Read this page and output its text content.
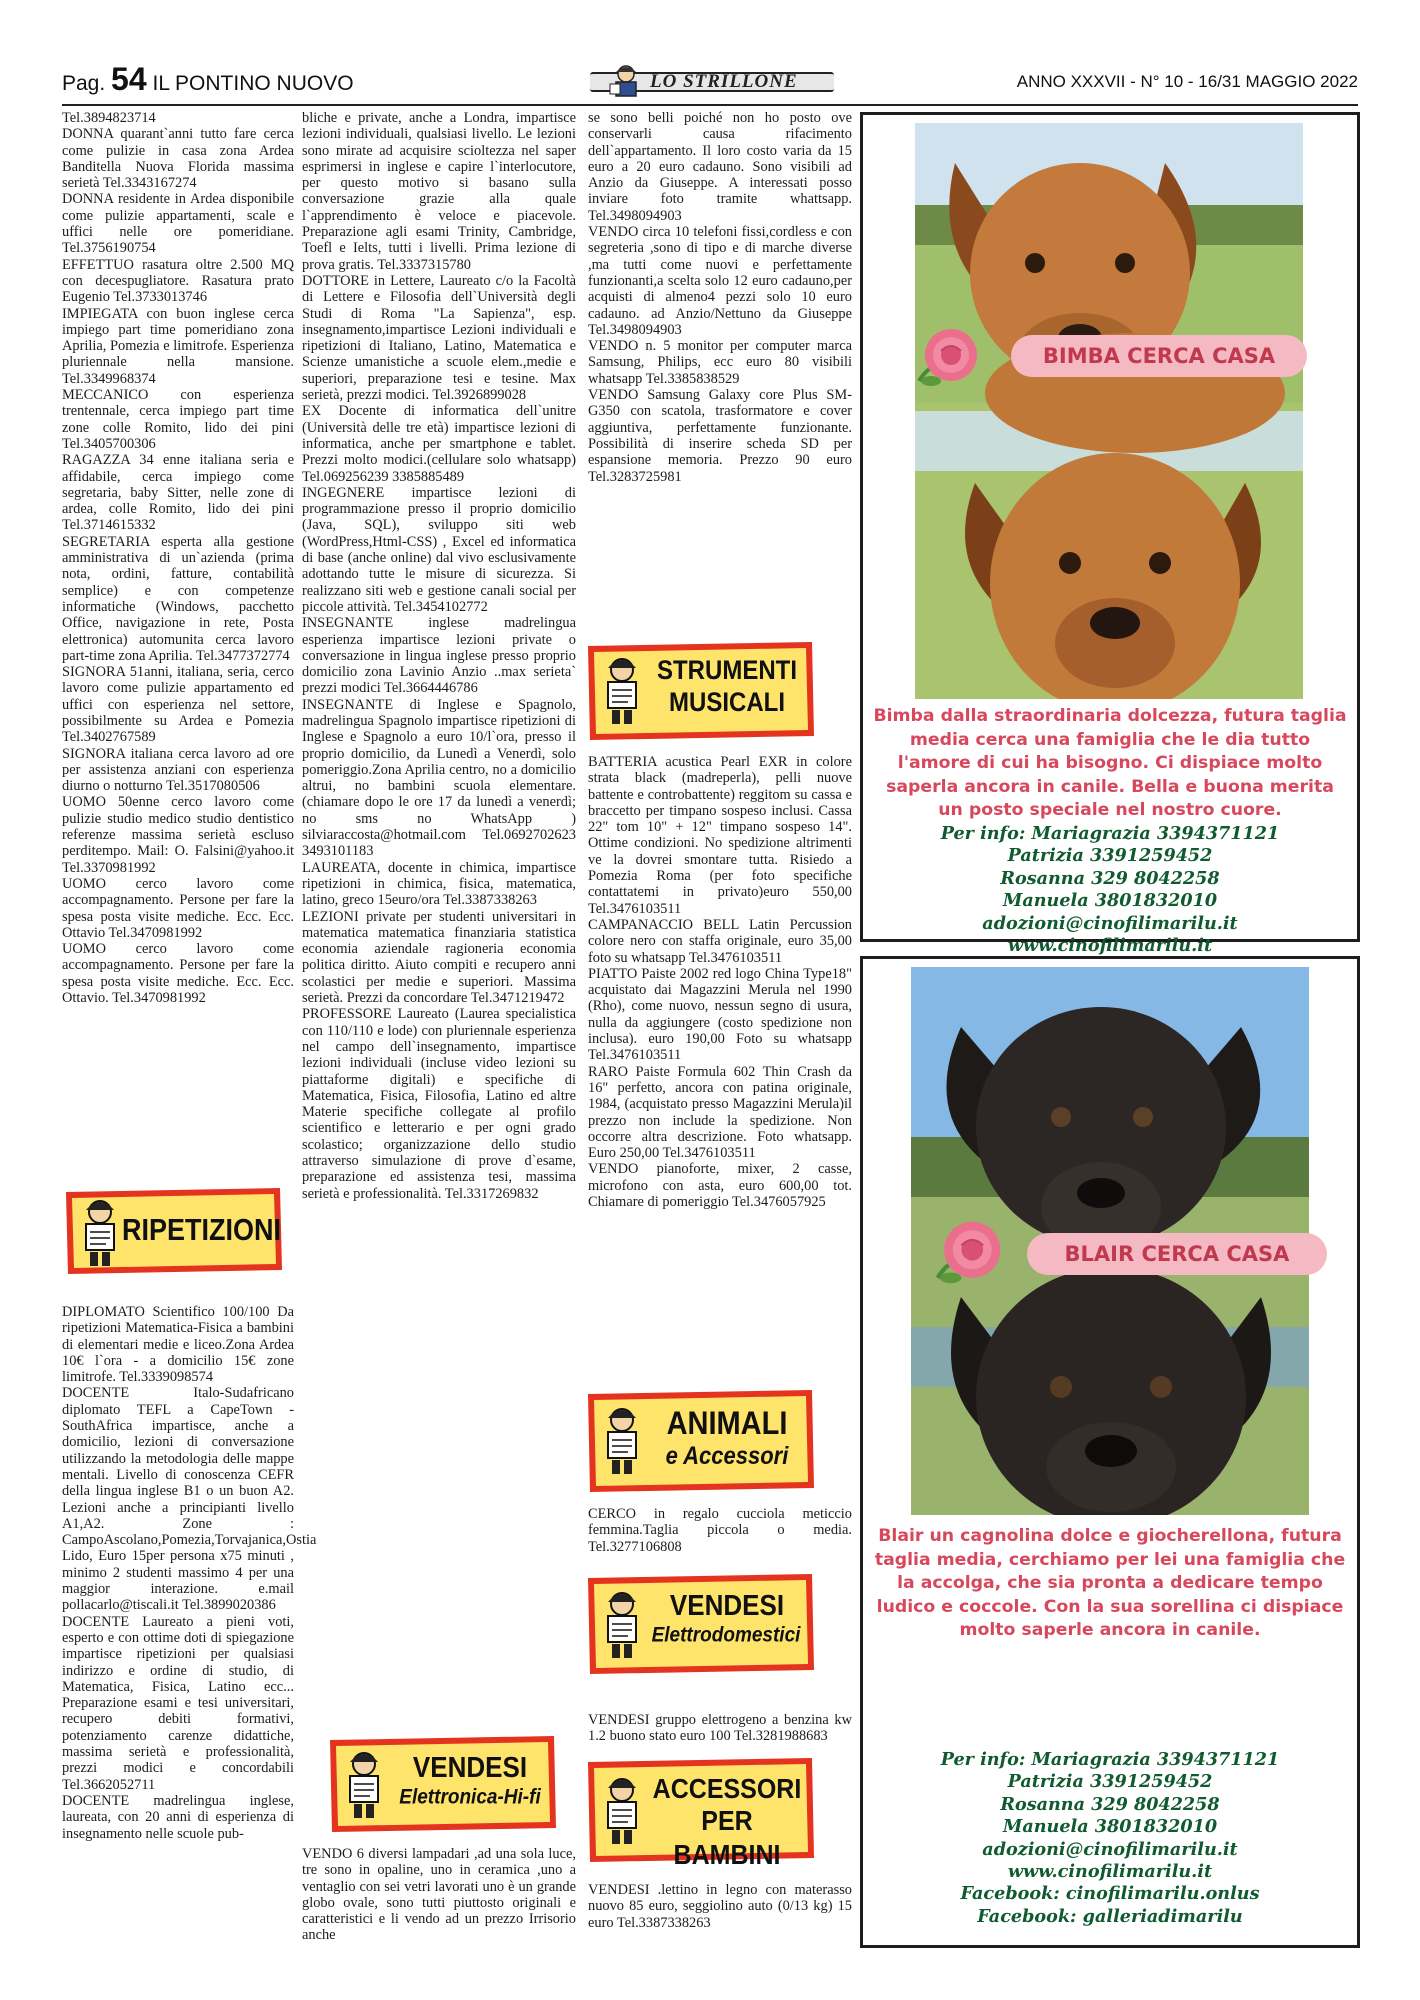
Pag. 54 IL PONTINO NUOVO	LO STRILLONE	ANNO XXXVII - N° 10 - 16/31 MAGGIO 2022

Tel.3894823714

DONNA quarant`anni tutto fare cerca come pulizie in casa zona Ardea Banditella Nuova Florida massima serietà Tel.3343167274

DONNA residente in Ardea disponibile come pulizie appartamenti, scale e uffici nelle ore pomeridiane. Tel.3756190754

EFFETTUO rasatura oltre 2.500 MQ con decespugliatore. Rasatura prato Eugenio Tel.3733013746

IMPIEGATA con buon inglese cerca impiego part time pomeridiano zona Aprilia, Pomezia e limitrofe. Esperienza pluriennale nella mansione. Tel.3349968374

MECCANICO con esperienza trentennale, cerca impiego part time zone colle Romito, lido dei pini Tel.3405700306

RAGAZZA 34 enne italiana seria e affidabile, cerca impiego come segretaria, baby Sitter, nelle zone di ardea, colle Romito, lido dei pini Tel.3714615332

SEGRETARIA esperta alla gestione amministrativa di un`azienda (prima nota, ordini, fatture, contabilità semplice) e con competenze informatiche (Windows, pacchetto Office, navigazione in rete, Posta elettronica) automunita cerca lavoro part-time zona Aprilia. Tel.3477372774

SIGNORA 51anni, italiana, seria, cerco lavoro come pulizie appartamento ed uffici con esperienza nel settore, possibilmente su Ardea e Pomezia Tel.3402767589

SIGNORA italiana cerca lavoro ad ore per assistenza anziani con esperienza diurno o notturno Tel.3517080506

UOMO 50enne cerco lavoro come pulizie studio medico studio dentistico referenze massima serietà escluso perditempo. Mail: O. Falsini@yahoo.it Tel.3370981992

UOMO cerco lavoro come accompagnamento. Persone per fare la spesa posta visite mediche. Ecc. Ecc. Ottavio Tel.3470981992

UOMO cerco lavoro come accompagnamento. Persone per fare la spesa posta visite mediche. Ecc. Ecc. Ottavio. Tel.3470981992

RIPETIZIONI

DIPLOMATO Scientifico 100/100 Da ripetizioni Matematica-Fisica a bambini di elementari medie e liceo.Zona Ardea 10€ l`ora - a domicilio 15€ zone limitrofe. Tel.3339098574

DOCENTE Italo-Sudafricano diplomato TEFL a CapeTown -SouthAfrica impartisce, anche a domicilio, lezioni di conversazione utilizzando la metodologia delle mappe mentali. Livello di conoscenza CEFR della lingua inglese B1 o un buon A2. Lezioni anche a principianti livello A1,A2. Zone : CampoAscolano,Pomezia,Torvajanica,Ostia Lido, Euro 15per persona x75 minuti , minimo 2 studenti massimo 4 per una maggior interazione. e.mail pollacarlo@tiscali.it Tel.3899020386

DOCENTE Laureato a pieni voti, esperto e con ottime doti di spiegazione impartisce ripetizioni per qualsiasi indirizzo e ordine di studio, di Matematica, Fisica, Latino ecc... Preparazione esami e tesi universitari, recupero debiti formativi, potenziamento carenze didattiche, massima serietà e professionalità, prezzi modici e concordabili Tel.3662052711

DOCENTE madrelingua inglese, laureata, con 20 anni di esperienza di insegnamento nelle scuole pub-

bliche e private, anche a Londra, impartisce lezioni individuali, qualsiasi livello. Le lezioni sono mirate ad acquisire scioltezza nel saper esprimersi in inglese e capire l`interlocutore, per questo motivo si basano sulla conversazione grazie alla quale l`apprendimento è veloce e piacevole. Preparazione agli esami Trinity, Cambridge, Toefl e Ielts, tutti i livelli. Prima lezione di prova gratis. Tel.3337315780

DOTTORE in Lettere, Laureato c/o la Facoltà di Lettere e Filosofia dell`Università degli Studi di Roma "La Sapienza", esp. insegnamento,impartisce Lezioni individuali e ripetizioni di Italiano, Latino, Matematica e Scienze umanistiche a scuole elem.,medie e superiori, preparazione tesi e tesine. Max serietà, prezzi modici. Tel.3926899028

EX Docente di informatica dell`unitre (Università delle tre età) impartisce lezioni di informatica, anche per smartphone e tablet. Prezzi molto modici.(cellulare solo whatsapp) Tel.069256239 3385885489

INGEGNERE impartisce lezioni di programmazione presso il proprio domicilio (Java, SQL), sviluppo siti web (WordPress,Html-CSS) , Excel ed informatica di base (anche online) dal vivo esclusivamente adottando tutte le misure di sicurezza. Si realizzano siti web e gestione canali social per piccole attività. Tel.3454102772

INSEGNANTE inglese madrelingua esperienza impartisce lezioni private o conversazione in lingua inglese presso proprio domicilio zona Lavinio Anzio ..max serieta` prezzi modici Tel.3664446786

INSEGNANTE di Inglese e Spagnolo, madrelingua Spagnolo impartisce ripetizioni di Inglese e Spagnolo a euro 10/l`ora, presso il proprio domicilio, da Lunedì a Venerdì, solo pomeriggio.Zona Aprilia centro, no a domicilio altrui, no bambini scuola elementare. (chiamare dopo le ore 17 da lunedì a venerdì; no sms no WhatsApp ) silviaraccosta@hotmail.com Tel.0692702623 3493101183

LAUREATA, docente in chimica, impartisce ripetizioni in chimica, fisica, matematica, latino, greco 15euro/ora Tel.3387338263

LEZIONI private per studenti universitari in matematica matematica finanziaria statistica economia aziendale ragioneria economia politica diritto. Aiuto compiti e recupero anni scolastici per medie e superiori. Massima serietà. Prezzi da concordare Tel.3471219472

PROFESSORE Laureato (Laurea specialistica con 110/110 e lode) con pluriennale esperienza nel campo dell`insegnamento, impartisce lezioni individuali (incluse video lezioni su piattaforme digitali) e specifiche di Matematica, Fisica, Filosofia, Latino ed altre Materie specifiche collegate al profilo scientifico e letterario e per ogni grado scolastico; organizzazione dello studio attraverso simulazione di prove d`esame, preparazione ed assistenza tesi, massima serietà e professionalità. Tel.3317269832

VENDESI
Elettronica-Hi-fi

VENDO 6 diversi lampadari ,ad una sola luce, tre sono in opaline, uno in ceramica ,uno a ventaglio con sei vetri lavorati uno è un grande globo ovale, sono tutti piuttosto originali e caratteristici e li vendo ad un prezzo Irrisorio anche

se sono belli poiché non ho posto ove conservarli causa rifacimento dell`appartamento. Il loro costo varia da 15 euro a 20 euro cadauno. Sono visibili ad Anzio da Giuseppe. A interessati posso inviare foto tramite whattsapp. Tel.3498094903

VENDO circa 10 telefoni fissi,cordless e con segreteria ,sono di tipo e di marche diverse ,ma tutti come nuovi e perfettamente funzionanti,a scelta solo 12 euro cadauno,per acquisti di almeno4 pezzi solo 10 euro cadauno. ad Anzio/Nettuno da Giuseppe Tel.3498094903

VENDO n. 5 monitor per computer marca Samsung, Philips, ecc euro 80 visibili whatsapp Tel.3385838529

VENDO Samsung Galaxy core Plus SM-G350 con scatola, trasformatore e cover aggiuntiva, perfettamente funzionante. Possibilità di inserire scheda SD per espansione memoria. Prezzo 90 euro Tel.3283725981

STRUMENTI
MUSICALI

BATTERIA acustica Pearl EXR in colore strata black (madreperla), pelli nuove battente e controbattente) reggitom su cassa e braccetto per timpano sospeso inclusi. Cassa 22" tom 10" + 12" timpano sospeso 14". Ottime condizioni. No spedizione altrimenti ve la dovrei smontare tutta. Risiedo a Pomezia Roma (per foto specifiche contattatemi in privato)euro 550,00 Tel.3476103511

CAMPANACCIO BELL Latin Percussion colore nero con staffa originale, euro 35,00 foto su whatsapp Tel.3476103511

PIATTO Paiste 2002 red logo China Type18" acquistato dai Magazzini Merula nel 1990 (Rho), come nuovo, nessun segno di usura, nulla da aggiungere (costo spedizione non inclusa). euro 190,00 Foto su whatsapp Tel.3476103511

RARO Paiste Formula 602 Thin Crash da 16" perfetto, ancora con patina originale, 1984, (acquistato presso Magazzini Merula)il prezzo non include la spedizione. Non occorre altra descrizione. Foto whatsapp. Euro 250,00 Tel.3476103511

VENDO pianoforte, mixer, 2 casse, microfono con asta, euro 600,00 tot. Chiamare di pomeriggio Tel.3476057925

ANIMALI
e Accessori

CERCO in regalo cucciola meticcio femmina.Taglia piccola o media. Tel.3277106808

VENDESI
Elettrodomestici

VENDESI gruppo elettrogeno a benzina kw 1.2 buono stato euro 100 Tel.3281988683

ACCESSORI
PER BAMBINI

VENDESI .lettino in legno con materasso nuovo 85 euro, seggiolino auto (0/13 kg) 15 euro Tel.3387338263

BIMBA CERCA CASA
Bimba dalla straordinaria dolcezza, futura taglia media cerca una famiglia che le dia tutto l'amore di cui ha bisogno. Ci dispiace molto saperla ancora in canile. Bella e buona merita un posto speciale nel nostro cuore.
Per info: Mariagrazia 3394371121
Patrizia 3391259452
Rosanna 329 8042258
Manuela 3801832010
adozioni@cinofilimarilu.it
www.cinofilimarilu.it
BLAIR CERCA CASA
Blair un cagnolina dolce e giocherellona, futura taglia media, cerchiamo per lei una famiglia che la accolga, che sia pronta a dedicare tempo ludico e coccole. Con la sua sorellina ci dispiace molto saperle ancora in canile.
Per info: Mariagrazia 3394371121
Patrizia 3391259452
Rosanna 329 8042258
Manuela 3801832010
adozioni@cinofilimarilu.it
www.cinofilimarilu.it
Facebook: cinofilimarilu.onlus
Facebook: galleriadimarilu
